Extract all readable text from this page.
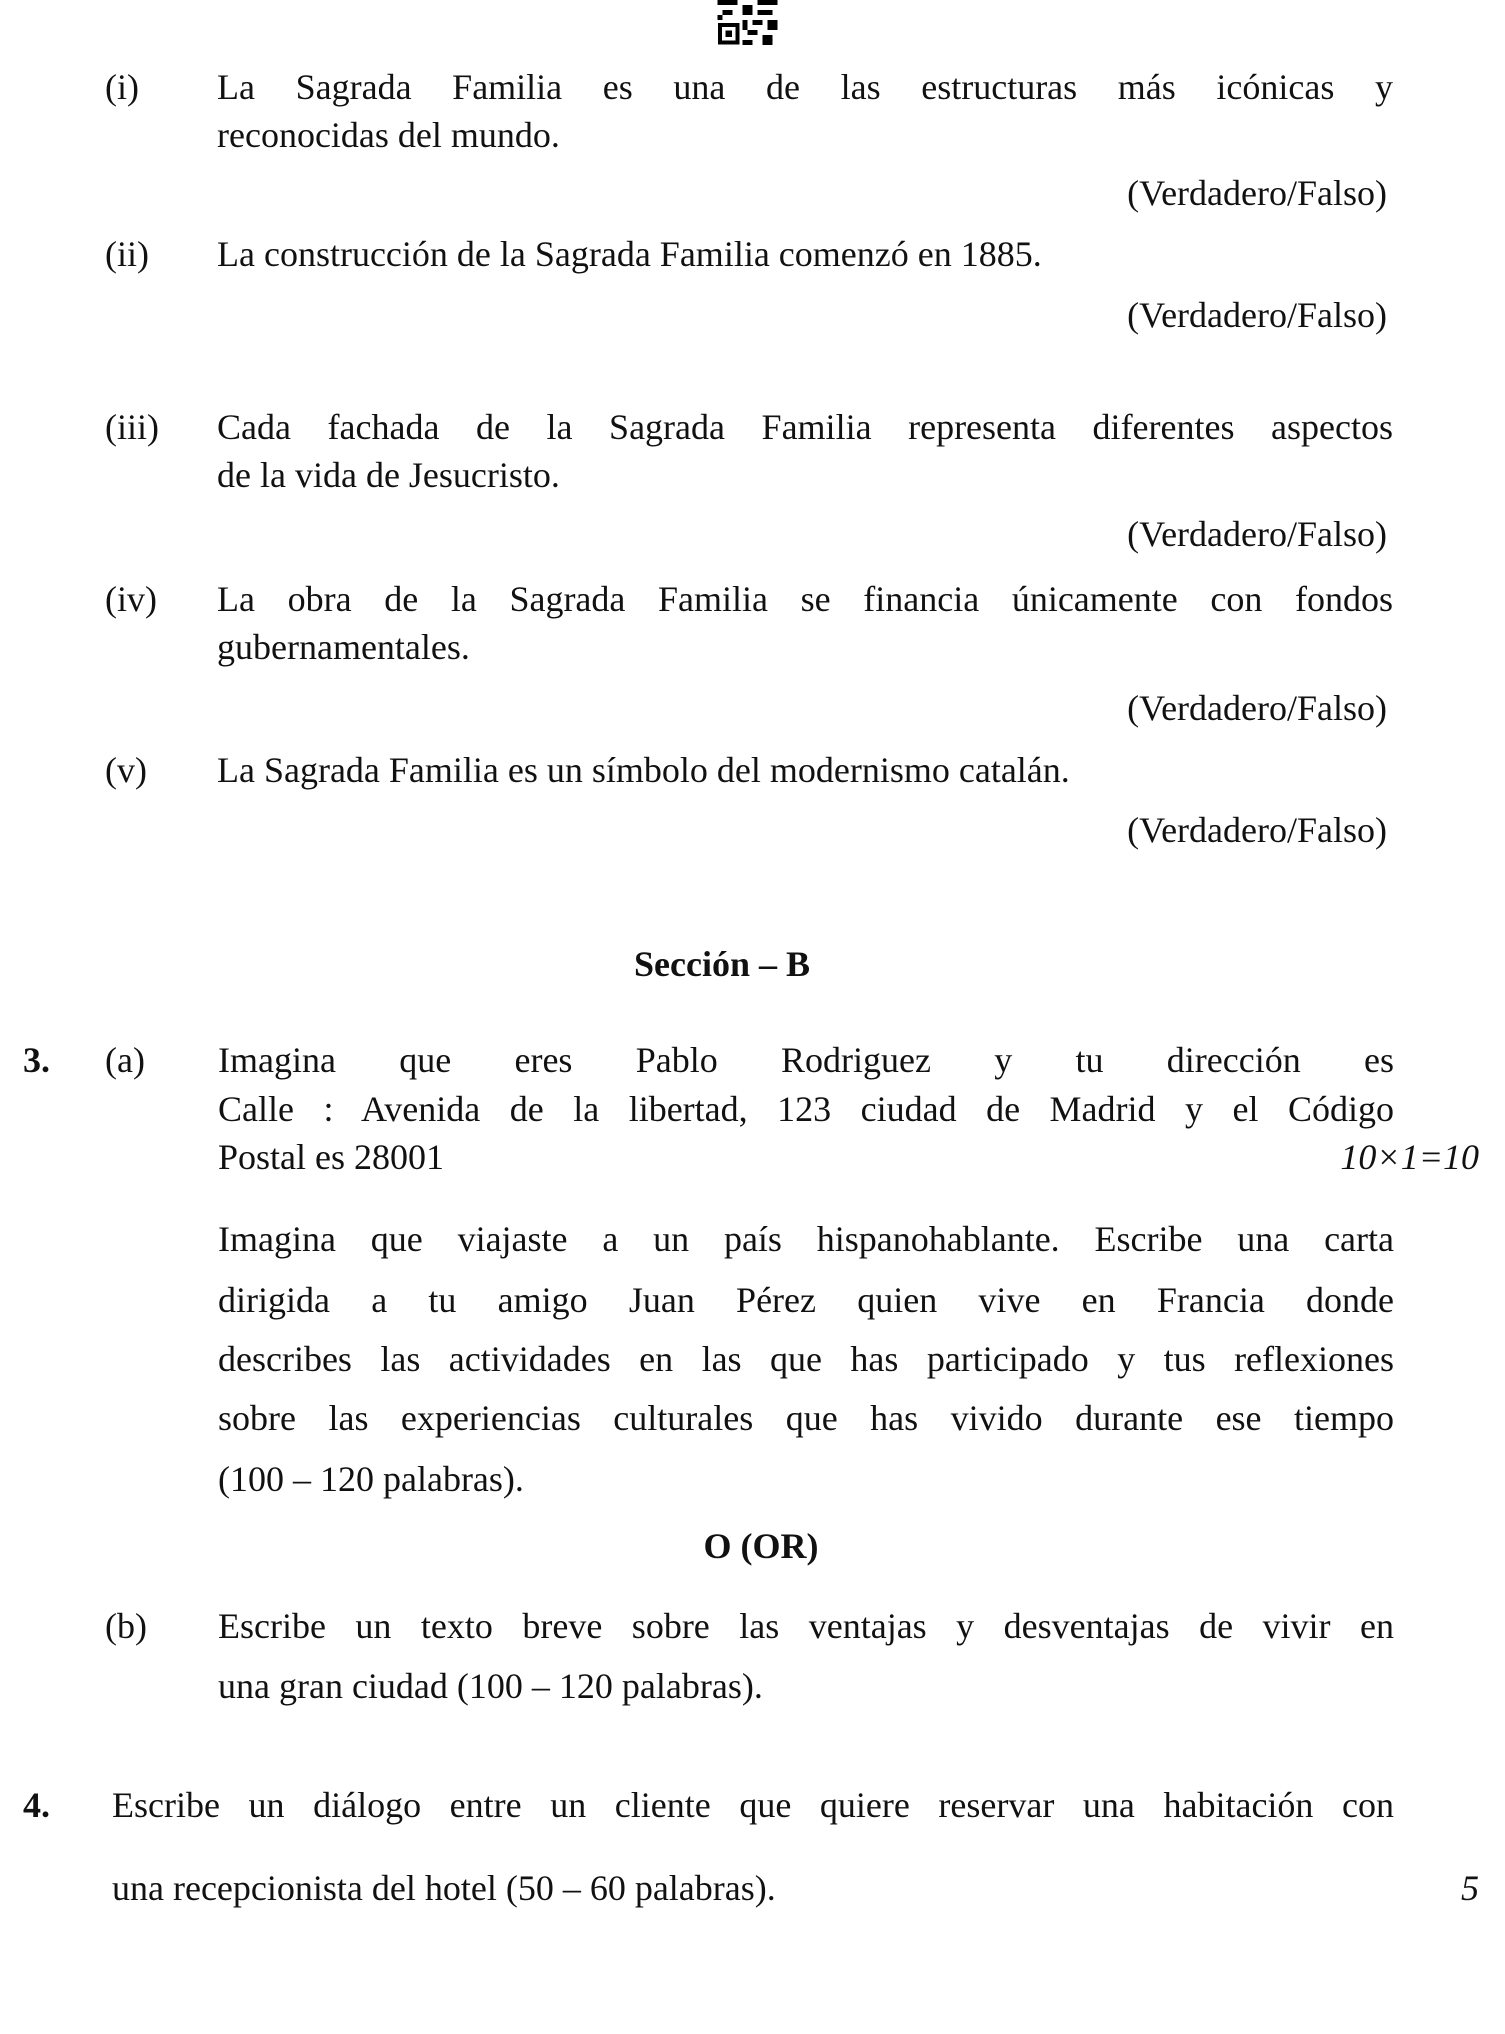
(i) La Sagrada Familia es una de las estructuras más icónicas y
reconocidas del mundo.
(Verdadero/Falso)
(ii) La construcción de la Sagrada Familia comenzó en 1885.
(Verdadero/Falso)
(iii) Cada fachada de la Sagrada Familia representa diferentes aspectos
de la vida de Jesucristo.
(Verdadero/Falso)
(iv) La obra de la Sagrada Familia se financia únicamente con fondos
gubernamentales.
(Verdadero/Falso)
(v) La Sagrada Familia es un símbolo del modernismo catalán.
(Verdadero/Falso)
Sección – B
3. (a) Imagina que eres Pablo Rodriguez y tu dirección es
Calle : Avenida de la libertad, 123 ciudad de Madrid y el Código
Postal es 28001	10×1=10
Imagina que viajaste a un país hispanohablante. Escribe una carta
dirigida a tu amigo Juan Pérez quien vive en Francia donde
describes las actividades en las que has participado y tus reflexiones
sobre las experiencias culturales que has vivido durante ese tiempo
(100 – 120 palabras).
O (OR)
(b) Escribe un texto breve sobre las ventajas y desventajas de vivir en
una gran ciudad (100 – 120 palabras).
4. Escribe un diálogo entre un cliente que quiere reservar una habitación con
una recepcionista del hotel (50 – 60 palabras).	5
